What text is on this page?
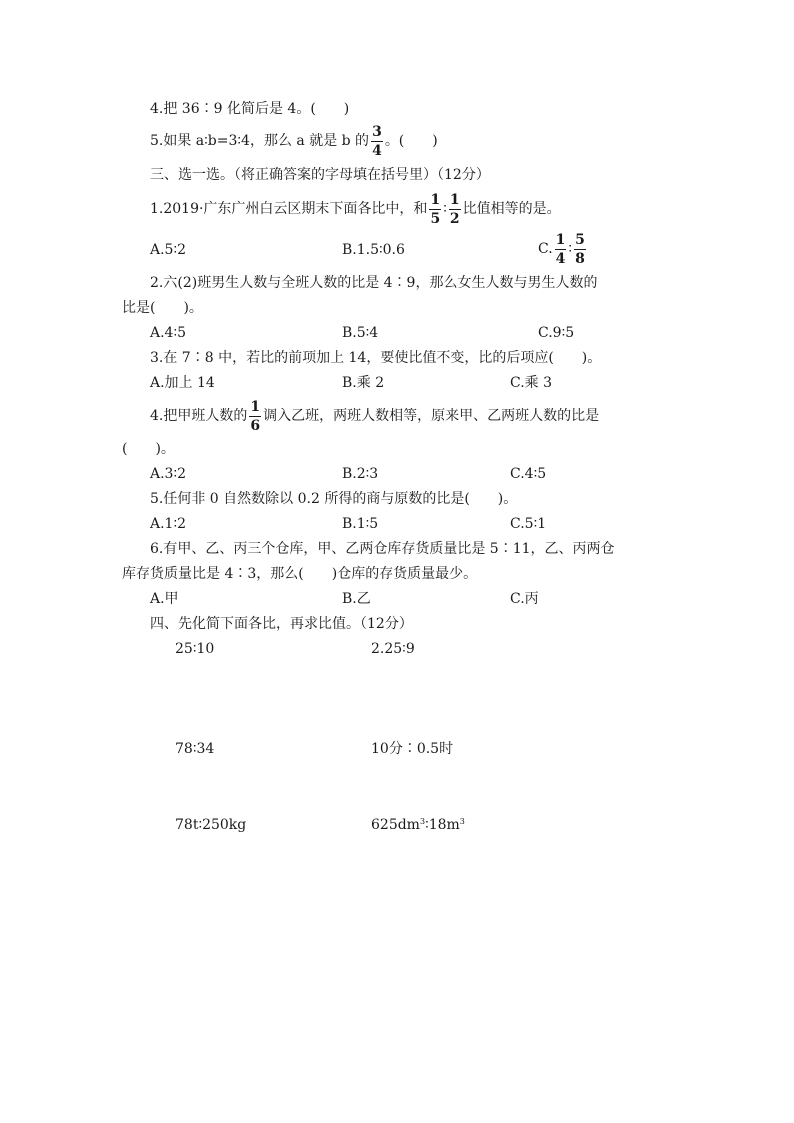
4.把 36∶9 化简后是 4。(　　)
5.如果 a∶b=3∶4，那么 a 就是 b 的 $\frac{3}{4}$ 。(　　)
三、选一选。（将正确答案的字母填在括号里）（12分）
1.2019·广东广州白云区期末下面各比中，和 $\frac{1}{5}$ ∶ $\frac{1}{2}$ 比值相等的是。
A.5∶2	B.1.5∶0.6	C. $\frac{1}{4}$ ∶ $\frac{5}{8}$
2.六(2)班男生人数与全班人数的比是 4∶9，那么女生人数与男生人数的
比是(　　)。
A.4∶5	B.5∶4	C.9∶5
3.在 7∶8 中，若比的前项加上 14，要使比值不变，比的后项应(　　)。
A.加上 14	B.乘 2	C.乘 3
4.把甲班人数的 $\frac{1}{6}$ 调入乙班，两班人数相等，原来甲、乙两班人数的比是
(　　)。
A.3∶2	B.2∶3	C.4∶5
5.任何非 0 自然数除以 0.2 所得的商与原数的比是(　　)。
A.1∶2	B.1∶5	C.5∶1
6.有甲、乙、丙三个仓库，甲、乙两仓库存货质量比是 5∶11，乙、丙两仓
库存货质量比是 4∶3，那么(　　)仓库的存货质量最少。
A.甲	B.乙	C.丙
四、先化简下面各比，再求比值。（12分）
25∶10	2.25∶9
78∶34	10分∶0.5时
78t∶250kg	$625dm^3∶18m^3$
